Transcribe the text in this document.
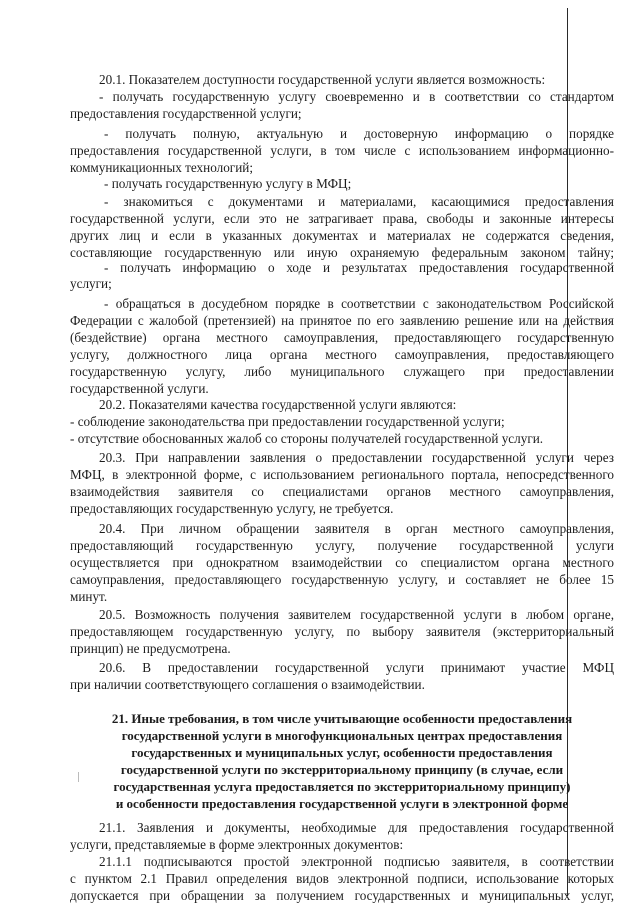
20.1. Показателем доступности государственной услуги является возможность:

- получать государственную услугу своевременно и в соответствии со стандартом

предоставления государственной услуги;

- получать полную, актуальную и достоверную информацию о порядке

предоставления государственной услуги, в том числе с использованием информационно-

коммуникационных технологий;

- получать государственную услугу в МФЦ;

- знакомиться с документами и материалами, касающимися предоставления

государственной услуги, если это не затрагивает права, свободы и законные интересы

других лиц и если в указанных документах и материалах не содержатся сведения,

составляющие государственную или иную охраняемую федеральным законом тайну;

- получать информацию о ходе и результатах предоставления государственной

услуги;

- обращаться в досудебном порядке в соответствии с законодательством Российской

Федерации с жалобой (претензией) на принятое по его заявлению решение или на действия

(бездействие) органа местного самоуправления, предоставляющего государственную

услугу, должностного лица органа местного самоуправления, предоставляющего

государственную услугу, либо муниципального служащего при предоставлении

государственной услуги.

20.2. Показателями качества государственной услуги являются:

- соблюдение законодательства при предоставлении государственной услуги;

- отсутствие обоснованных жалоб со стороны получателей государственной услуги.

20.3. При направлении заявления о предоставлении государственной услуги через

МФЦ, в электронной форме, с использованием регионального портала, непосредственного

взаимодействия заявителя со специалистами органов местного самоуправления,

предоставляющих государственную услугу, не требуется.

20.4. При личном обращении заявителя в орган местного самоуправления,

предоставляющий государственную услугу, получение государственной услуги

осуществляется при однократном взаимодействии со специалистом органа местного

самоуправления, предоставляющего государственную услугу, и составляет не более 15

минут.

20.5. Возможность получения заявителем государственной услуги в любом органе,

предоставляющем государственную услугу, по выбору заявителя (экстерриториальный

принцип) не предусмотрена.

20.6. В предоставлении государственной услуги принимают участие МФЦ

при наличии соответствующего соглашения о взаимодействии.

21. Иные требования, в том числе учитывающие особенности предоставления

государственной услуги в многофункциональных центрах предоставления

государственных и муниципальных услуг, особенности предоставления

государственной услуги по экстерриториальному принципу (в случае, если

государственная услуга предоставляется по экстерриториальному принципу)

и особенности предоставления государственной услуги в электронной форме

21.1. Заявления и документы, необходимые для предоставления государственной

услуги, представляемые в форме электронных документов:

21.1.1 подписываются простой электронной подписью заявителя, в соответствии

с пунктом 2.1 Правил определения видов электронной подписи, использование которых

допускается при обращении за получением государственных и муниципальных услуг,
